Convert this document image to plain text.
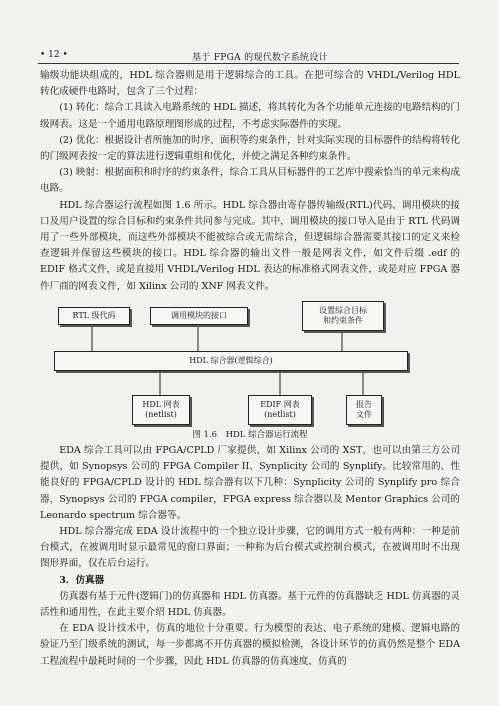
• 12 •	基于 FPGA 的现代数字系统设计

输级功能块组成的，HDL 综合器则是用于逻辑综合的工具。在把可综合的 VHDL/Verilog HDL 转化成硬件电路时，包含了三个过程：

(1) 转化：综合工具读入电路系统的 HDL 描述，将其转化为各个功能单元连接的电路结构的门级网表。这是一个通用电路原理图形成的过程，不考虑实际器件的实现。

(2) 优化：根据设计者所施加的时序、面积等约束条件，针对实际实现的目标器件的结构将转化的门级网表按一定的算法进行逻辑重组和优化，并使之满足各种约束条件。

(3) 映射：根据面积和时序的约束条件，综合工具从目标器件的工艺库中搜索恰当的单元来构成电路。

HDL 综合器运行流程如图 1.6 所示。HDL 综合器由寄存器传输级(RTL)代码、调用模块的接口及用户设置的综合目标和约束条件共同参与完成。其中，调用模块的接口导入是由于 RTL 代码调用了一些外部模块，而这些外部模块不能被综合或无需综合，但逻辑综合器需要其接口的定义来检查逻辑并保留这些模块的接口。HDL 综合器的输出文件一般是网表文件，如文件后缀 .edf 的 EDIF 格式文件，或是直接用 VHDL/Verilog HDL 表达的标准格式网表文件，或是对应 FPGA 器件厂商的网表文件，如 Xilinx 公司的 XNF 网表文件。

RTL 级代码	调用模块的接口
设置综合目标
和约束条件
HDL 综合器(逻辑综合)
HDL 网表
(netlist)
EDIF 网表
(netlist)
报告
文件

图 1.6　HDL 综合器运行流程

EDA 综合工具可以由 FPGA/CPLD 厂家提供，如 Xilinx 公司的 XST，也可以由第三方公司提供，如 Synopsys 公司的 FPGA Compiler II、Synplicity 公司的 Synplify。比较常用的、性能良好的 FPGA/CPLD 设计的 HDL 综合器有以下几种：Synplicity 公司的 Synplify pro 综合器，Synopsys 公司的 FPGA compiler，FPGA express 综合器以及 Mentor Graphics 公司的 Leonardo spectrum 综合器等。

HDL 综合器完成 EDA 设计流程中的一个独立设计步骤，它的调用方式一般有两种：一种是前台模式，在被调用时显示最常见的窗口界面；一种称为后台模式或控制台模式，在被调用时不出现图形界面，仅在后台运行。

3．仿真器

仿真器有基于元件(逻辑门)的仿真器和 HDL 仿真器。基于元件的仿真器缺乏 HDL 仿真器的灵活性和通用性，在此主要介绍 HDL 仿真器。

在 EDA 设计技术中，仿真的地位十分重要。行为模型的表达、电子系统的建模、逻辑电路的验证乃至门级系统的测试，每一步都离不开仿真器的模拟检测，各设计环节的仿真仍然是整个 EDA 工程流程中最耗时间的一个步骤，因此 HDL 仿真器的仿真速度、仿真的
